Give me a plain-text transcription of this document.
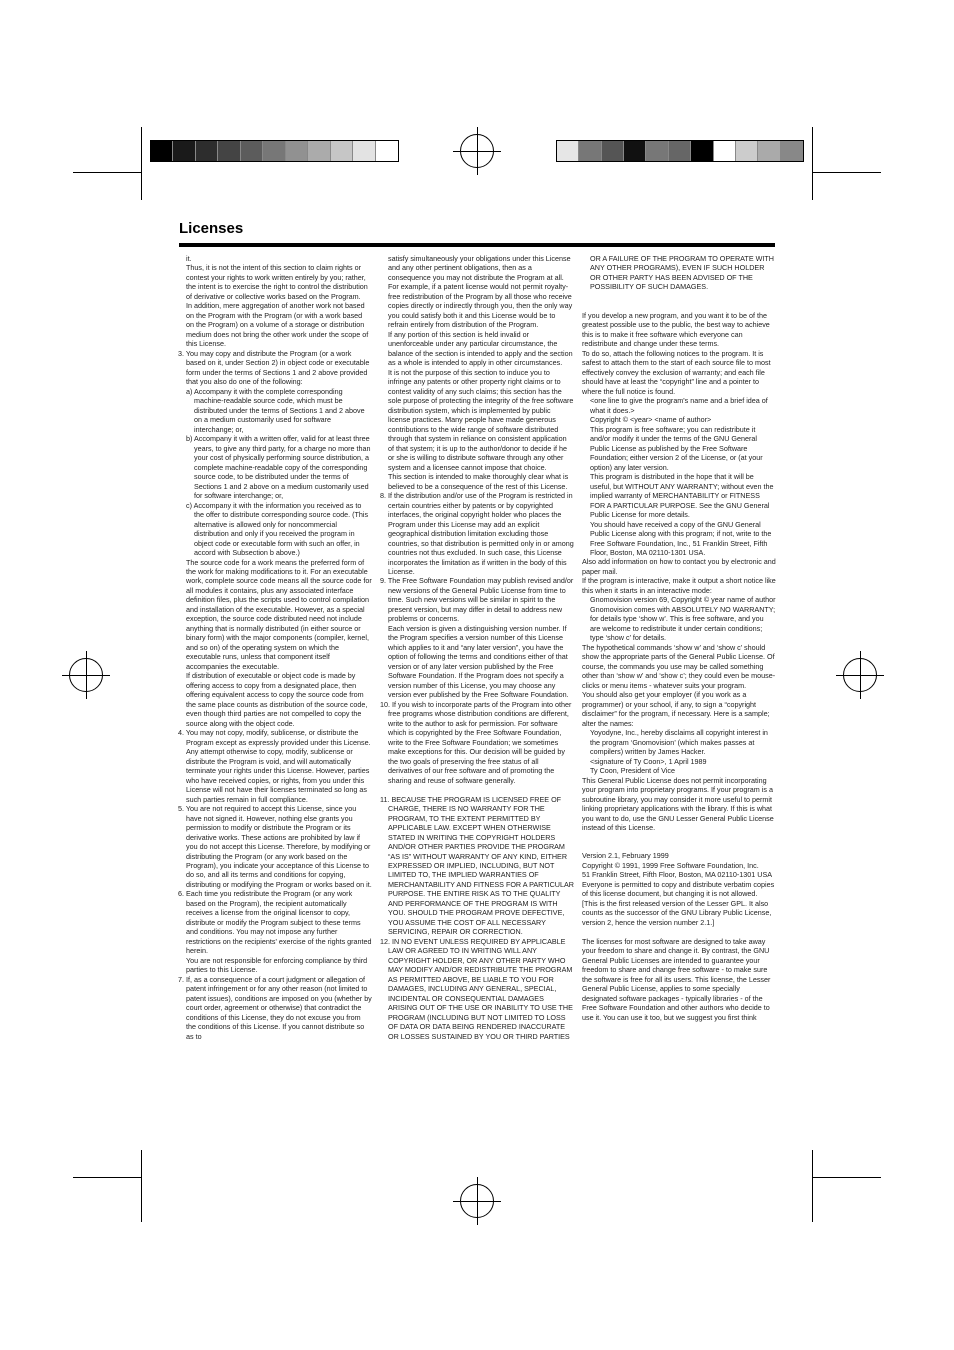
Licenses

it.

Thus, it is not the intent of this section to claim rights or contest your rights to work written entirely by you; rather, the intent is to exercise the right to control the distribution of derivative or collective works based on the Program.

In addition, mere aggregation of another work not based on the Program with the Program (or with a work based on the Program) on a volume of a storage or distribution medium does not bring the other work under the scope of this License.

3. You may copy and distribute the Program (or a work based on it, under Section 2) in object code or executable form under the terms of Sections 1 and 2 above provided that you also do one of the following:

a) Accompany it with the complete corresponding machine-readable source code, which must be distributed under the terms of Sections 1 and 2 above on a medium customarily used for software interchange; or,

b) Accompany it with a written offer, valid for at least three years, to give any third party, for a charge no more than your cost of physically performing source distribution, a complete machine-readable copy of the corresponding source code, to be distributed under the terms of Sections 1 and 2 above on a medium customarily used for software interchange; or,

c) Accompany it with the information you received as to the offer to distribute corresponding source code. (This alternative is allowed only for noncommercial distribution and only if you received the program in object code or executable form with such an offer, in accord with Subsection b above.)

The source code for a work means the preferred form of the work for making modifications to it. For an executable work, complete source code means all the source code for all modules it contains, plus any associated interface definition files, plus the scripts used to control compilation and installation of the executable. However, as a special exception, the source code distributed need not include anything that is normally distributed (in either source or binary form) with the major components (compiler, kernel, and so on) of the operating system on which the executable runs, unless that component itself accompanies the executable.

If distribution of executable or object code is made by offering access to copy from a designated place, then offering equivalent access to copy the source code from the same place counts as distribution of the source code, even though third parties are not compelled to copy the source along with the object code.

4. You may not copy, modify, sublicense, or distribute the Program except as expressly provided under this License. Any attempt otherwise to copy, modify, sublicense or distribute the Program is void, and will automatically terminate your rights under this License. However, parties who have received copies, or rights, from you under this License will not have their licenses terminated so long as such parties remain in full compliance.

5. You are not required to accept this License, since you have not signed it. However, nothing else grants you permission to modify or distribute the Program or its derivative works. These actions are prohibited by law if you do not accept this License. Therefore, by modifying or distributing the Program (or any work based on the Program), you indicate your acceptance of this License to do so, and all its terms and conditions for copying, distributing or modifying the Program or works based on it.

6. Each time you redistribute the Program (or any work based on the Program), the recipient automatically receives a license from the original licensor to copy, distribute or modify the Program subject to these terms and conditions. You may not impose any further restrictions on the recipients' exercise of the rights granted herein.

You are not responsible for enforcing compliance by third parties to this License.

7. If, as a consequence of a court judgment or allegation of patent infringement or for any other reason (not limited to patent issues), conditions are imposed on you (whether by court order, agreement or otherwise) that contradict the conditions of this License, they do not excuse you from the conditions of this License. If you cannot distribute so as to

satisfy simultaneously your obligations under this License and any other pertinent obligations, then as a consequence you may not distribute the Program at all. For example, if a patent license would not permit royalty-free redistribution of the Program by all those who receive copies directly or indirectly through you, then the only way you could satisfy both it and this License would be to refrain entirely from distribution of the Program.

If any portion of this section is held invalid or unenforceable under any particular circumstance, the balance of the section is intended to apply and the section as a whole is intended to apply in other circumstances.

It is not the purpose of this section to induce you to infringe any patents or other property right claims or to contest validity of any such claims; this section has the sole purpose of protecting the integrity of the free software distribution system, which is implemented by public license practices. Many people have made generous contributions to the wide range of software distributed through that system in reliance on consistent application of that system; it is up to the author/donor to decide if he or she is willing to distribute software through any other system and a licensee cannot impose that choice.

This section is intended to make thoroughly clear what is believed to be a consequence of the rest of this License.

8. If the distribution and/or use of the Program is restricted in certain countries either by patents or by copyrighted interfaces, the original copyright holder who places the Program under this License may add an explicit geographical distribution limitation excluding those countries, so that distribution is permitted only in or among countries not thus excluded. In such case, this License incorporates the limitation as if written in the body of this License.

9. The Free Software Foundation may publish revised and/or new versions of the General Public License from time to time. Such new versions will be similar in spirit to the present version, but may differ in detail to address new problems or concerns.

Each version is given a distinguishing version number. If the Program specifies a version number of this License which applies to it and “any later version”, you have the option of following the terms and conditions either of that version or of any later version published by the Free Software Foundation. If the Program does not specify a version number of this License, you may choose any version ever published by the Free Software Foundation.

10. If you wish to incorporate parts of the Program into other free programs whose distribution conditions are different, write to the author to ask for permission. For software which is copyrighted by the Free Software Foundation, write to the Free Software Foundation; we sometimes make exceptions for this. Our decision will be guided by the two goals of preserving the free status of all derivatives of our free software and of promoting the sharing and reuse of software generally.

11. BECAUSE THE PROGRAM IS LICENSED FREE OF CHARGE, THERE IS NO WARRANTY FOR THE PROGRAM, TO THE EXTENT PERMITTED BY APPLICABLE LAW. EXCEPT WHEN OTHERWISE STATED IN WRITING THE COPYRIGHT HOLDERS AND/OR OTHER PARTIES PROVIDE THE PROGRAM “AS IS” WITHOUT WARRANTY OF ANY KIND, EITHER EXPRESSED OR IMPLIED, INCLUDING, BUT NOT LIMITED TO, THE IMPLIED WARRANTIES OF MERCHANTABILITY AND FITNESS FOR A PARTICULAR PURPOSE. THE ENTIRE RISK AS TO THE QUALITY AND PERFORMANCE OF THE PROGRAM IS WITH YOU. SHOULD THE PROGRAM PROVE DEFECTIVE, YOU ASSUME THE COST OF ALL NECESSARY SERVICING, REPAIR OR CORRECTION.

12. IN NO EVENT UNLESS REQUIRED BY APPLICABLE LAW OR AGREED TO IN WRITING WILL ANY COPYRIGHT HOLDER, OR ANY OTHER PARTY WHO MAY MODIFY AND/OR REDISTRIBUTE THE PROGRAM AS PERMITTED ABOVE, BE LIABLE TO YOU FOR DAMAGES, INCLUDING ANY GENERAL, SPECIAL, INCIDENTAL OR CONSEQUENTIAL DAMAGES ARISING OUT OF THE USE OR INABILITY TO USE THE PROGRAM (INCLUDING BUT NOT LIMITED TO LOSS OF DATA OR DATA BEING RENDERED INACCURATE OR LOSSES SUSTAINED BY YOU OR THIRD PARTIES

OR A FAILURE OF THE PROGRAM TO OPERATE WITH ANY OTHER PROGRAMS), EVEN IF SUCH HOLDER OR OTHER PARTY HAS BEEN ADVISED OF THE POSSIBILITY OF SUCH DAMAGES.

If you develop a new program, and you want it to be of the greatest possible use to the public, the best way to achieve this is to make it free software which everyone can redistribute and change under these terms.

To do so, attach the following notices to the program. It is safest to attach them to the start of each source file to most effectively convey the exclusion of warranty; and each file should have at least the “copyright” line and a pointer to where the full notice is found.

<one line to give the program's name and a brief idea of what it does.>

Copyright © <year> <name of author>

This program is free software; you can redistribute it and/or modify it under the terms of the GNU General Public License as published by the Free Software Foundation; either version 2 of the License, or (at your option) any later version.

This program is distributed in the hope that it will be useful, but WITHOUT ANY WARRANTY; without even the implied warranty of MERCHANTABILITY or FITNESS FOR A PARTICULAR PURPOSE. See the GNU General Public License for more details.

You should have received a copy of the GNU General Public License along with this program; if not, write to the Free Software Foundation, Inc., 51 Franklin Street, Fifth Floor, Boston, MA 02110-1301 USA.

Also add information on how to contact you by electronic and paper mail.

If the program is interactive, make it output a short notice like this when it starts in an interactive mode:

Gnomovision version 69, Copyright © year name of author

Gnomovision comes with ABSOLUTELY NO WARRANTY; for details type ‘show w’. This is free software, and you are welcome to redistribute it under certain conditions; type ‘show c’ for details.

The hypothetical commands ‘show w’ and ‘show c’ should show the appropriate parts of the General Public License. Of course, the commands you use may be called something other than ‘show w’ and ‘show c’; they could even be mouse-clicks or menu items - whatever suits your program.

You should also get your employer (if you work as a programmer) or your school, if any, to sign a “copyright disclaimer” for the program, if necessary. Here is a sample; alter the names:

Yoyodyne, Inc., hereby disclaims all copyright interest in the program ‘Gnomovision’ (which makes passes at compilers) written by James Hacker.

<signature of Ty Coon>, 1 April 1989

Ty Coon, President of Vice

This General Public License does not permit incorporating your program into proprietary programs. If your program is a subroutine library, you may consider it more useful to permit linking proprietary applications with the library. If this is what you want to do, use the GNU Lesser General Public License instead of this License.

Version 2.1, February 1999

Copyright © 1991, 1999 Free Software Foundation, Inc.

51 Franklin Street, Fifth Floor, Boston, MA 02110-1301 USA

Everyone is permitted to copy and distribute verbatim copies of this license document, but changing it is not allowed.

[This is the first released version of the Lesser GPL. It also counts as the successor of the GNU Library Public License, version 2, hence the version number 2.1.]

The licenses for most software are designed to take away your freedom to share and change it. By contrast, the GNU General Public Licenses are intended to guarantee your freedom to share and change free software - to make sure the software is free for all its users. This license, the Lesser General Public License, applies to some specially designated software packages - typically libraries - of the Free Software Foundation and other authors who decide to use it. You can use it too, but we suggest you first think
